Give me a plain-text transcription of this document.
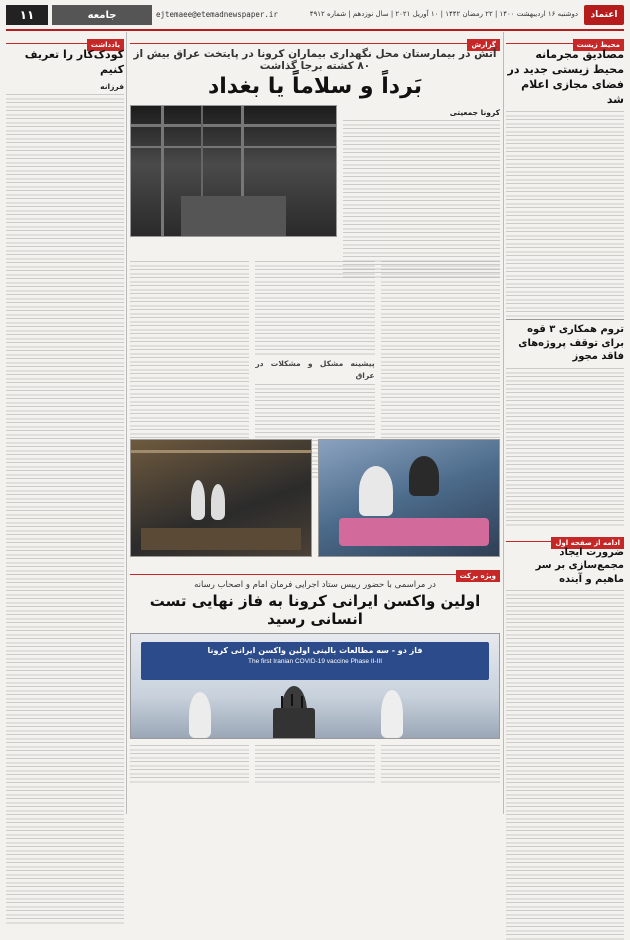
اعتماد
دوشنبه ۱۶ اردیبهشت ۱۴۰۰ | ۲۲ رمضان ۱۴۴۲ | ۱۰ آوریل ۲۰۲۱ | سال نوزدهم | شماره ۴۹۱۲
ejtemaee@etemadnewspaper.ir
جامعه
۱۱
محیط زیست
مصادیق مجرمانه محیط زیستی جدید در فضای مجازی اعلام شد
تروم همکاری ۳ قوه برای توقف پروژه‌های فاقد مجوز
ادامه از صفحه اول
ضرورت ایجاد مجمع‌سازی بر سر ماهیم و آینده
یادداشت
کودک‌کار را تعریف کنیم
فرزانه
گزارش
آتش در بیمارستان محل نگهداری بیماران کرونا در پایتخت عراق بیش از ۸۰ کشته برجا گذاشت
بَرداً و سلاماً یا بغداد
کرونا جمعیتی
پیشینه مشکل و مشکلات در عراق
ویژه برکت
در مراسمی با حضور رییس ستاد اجرایی فرمان امام و اصحاب رسانه
اولین واکسن ایرانی کرونا به فاز نهایی تست انسانی رسید
فاز دو - سه مطالعات بالینی اولین واکسن ایرانی کرونا
The first Iranian COVID-19 vaccine Phase II-III
